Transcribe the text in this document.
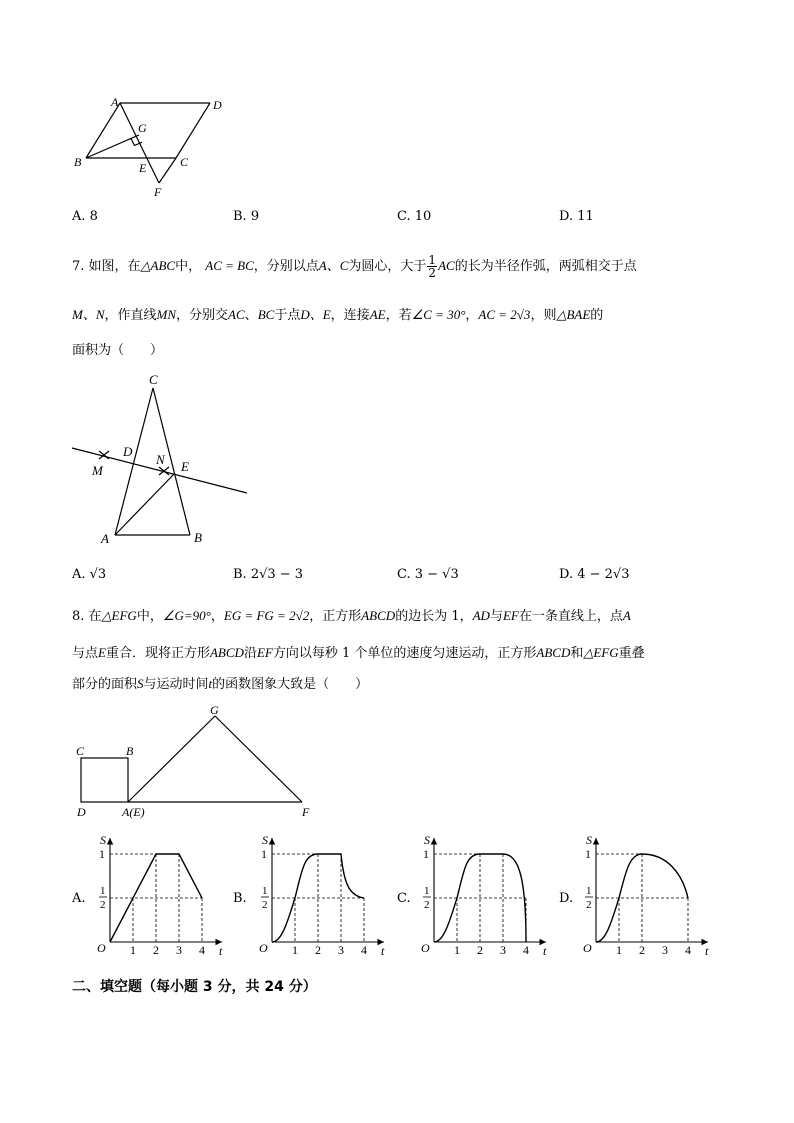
A	D
G
B	E	C
F
A. 8	B. 9	C. 10	D. 11
7. 如图，在△ABC中， AC = BC，分别以点A、C为圆心，大于 $\frac{1}{2}$ AC的长为半径作弧，两弧相交于点
M、N，作直线MN，分别交AC、BC于点D、E，连接AE，若∠C = 30°，AC = 2√3，则△BAE的
面积为（　　）
C
D
N E
M
A	B
A. √3	B. 2√3 − 3	C. 3 − √3	D. 4 − 2√3
8. 在△EFG中，∠G=90°，EG = FG = 2√2，正方形ABCD的边长为 1，AD与EF在一条直线上，点A
与点E重合．现将正方形ABCD沿EF方向以每秒 1 个单位的速度匀速运动，正方形ABCD和△EFG重叠
部分的面积S与运动时间t的函数图象大致是（　　）
G
C	B
D	A(E)	F
A.	B.	C.	D.
S
t
O
1
1
2
1 2 3 4
S
t
O
1
1
2
1 2 3 4
S
t
O
1
1
2
1 2 3 4
S
t
O
1
1
2
1 2 3 4
二、填空题（每小题 3 分，共 24 分）
